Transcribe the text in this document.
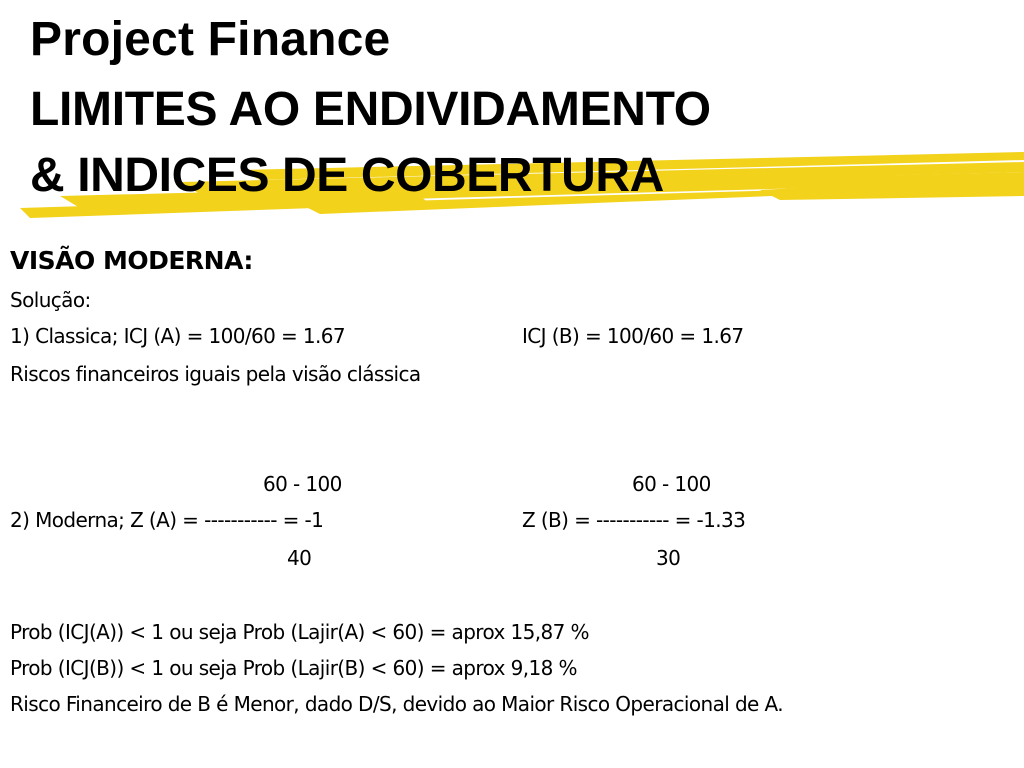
Project Finance
LIMITES AO ENDIVIDAMENTO
& INDICES DE COBERTURA
VISÃO MODERNA:
Solução:
1) Classica; ICJ (A) = 100/60 = 1.67	ICJ (B) = 100/60 = 1.67
Riscos financeiros iguais pela visão clássica
60 - 100	60 - 100
2) Moderna; Z (A) = ----------- = -1	Z (B) = ----------- = -1.33
40	30
Prob (ICJ(A)) < 1 ou seja Prob (Lajir(A) < 60) = aprox 15,87 %
Prob (ICJ(B)) < 1 ou seja Prob (Lajir(B) < 60) = aprox 9,18 %
Risco Financeiro de B é Menor, dado D/S, devido ao Maior Risco Operacional de A.
